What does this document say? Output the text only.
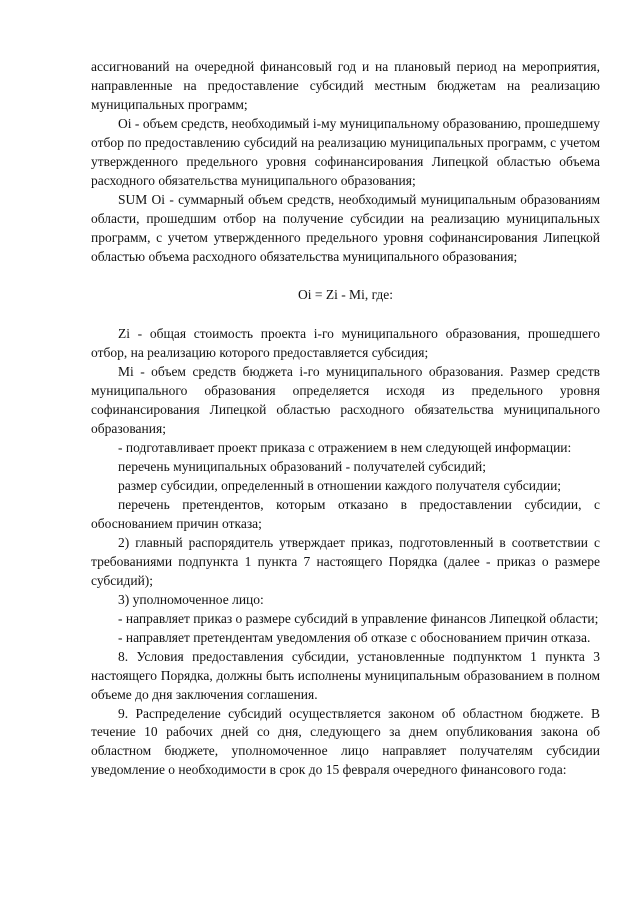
ассигнований на очередной финансовый год и на плановый период на мероприятия, направленные на предоставление субсидий местным бюджетам на реализацию муниципальных программ;

Оi - объем средств, необходимый i-му муниципальному образованию, прошедшему отбор по предоставлению субсидий на реализацию муниципальных программ, с учетом утвержденного предельного уровня софинансирования Липецкой областью объема расходного обязательства муниципального образования;

SUM Оi - суммарный объем средств, необходимый муниципальным образованиям области, прошедшим отбор на получение субсидии на реализацию муниципальных программ, с учетом утвержденного предельного уровня софинансирования Липецкой областью объема расходного обязательства муниципального образования;

Оi = Zi - Mi, где:

Zi - общая стоимость проекта i-го муниципального образования, прошедшего отбор, на реализацию которого предоставляется субсидия;

Мi - объем средств бюджета i-го муниципального образования. Размер средств муниципального образования определяется исходя из предельного уровня софинансирования Липецкой областью расходного обязательства муниципального образования;

- подготавливает проект приказа с отражением в нем следующей информации:

перечень муниципальных образований - получателей субсидий;

размер субсидии, определенный в отношении каждого получателя субсидии;

перечень претендентов, которым отказано в предоставлении субсидии, с обоснованием причин отказа;

2) главный распорядитель утверждает приказ, подготовленный в соответствии с требованиями подпункта 1 пункта 7 настоящего Порядка (далее - приказ о размере субсидий);

3) уполномоченное лицо:

- направляет приказ о размере субсидий в управление финансов Липецкой области;

- направляет претендентам уведомления об отказе с обоснованием причин отказа.

8. Условия предоставления субсидии, установленные подпунктом 1 пункта 3 настоящего Порядка, должны быть исполнены муниципальным образованием в полном объеме до дня заключения соглашения.

9. Распределение субсидий осуществляется законом об областном бюджете. В течение 10 рабочих дней со дня, следующего за днем опубликования закона об областном бюджете, уполномоченное лицо направляет получателям субсидии уведомление о необходимости в срок до 15 февраля очередного финансового года:
